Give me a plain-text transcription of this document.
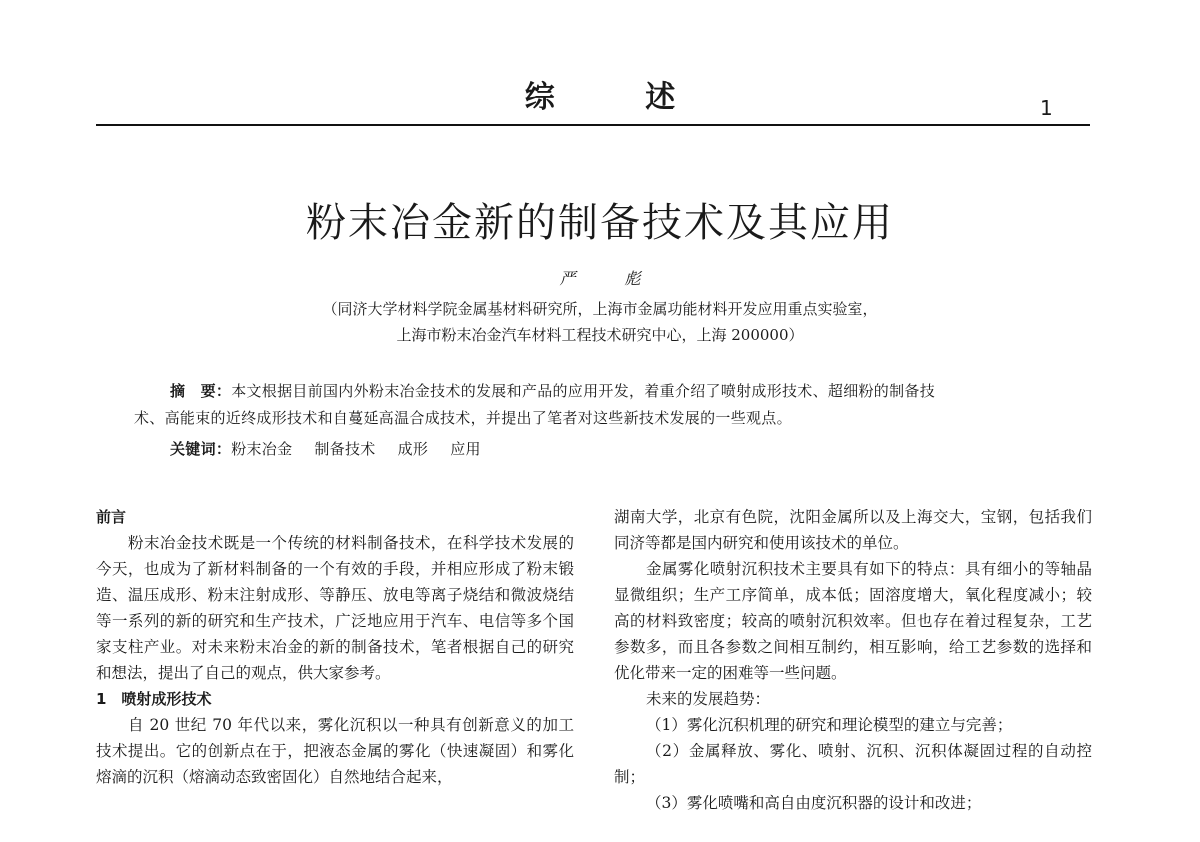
综 述	1
粉末冶金新的制备技术及其应用
严 彪
（同济大学材料学院金属基材料研究所，上海市金属功能材料开发应用重点实验室，
上海市粉末冶金汽车材料工程技术研究中心，上海 200000）
摘　要：本文根据目前国内外粉末冶金技术的发展和产品的应用开发，着重介绍了喷射成形技术、超细粉的制备技
术、高能束的近终成形技术和自蔓延高温合成技术，并提出了笔者对这些新技术发展的一些观点。
关键词：粉末冶金 制备技术 成形 应用

前言

粉末冶金技术既是一个传统的材料制备技术，在科学技术发展的今天，也成为了新材料制备的一个有效的手段，并相应形成了粉末锻造、温压成形、粉末注射成形、等静压、放电等离子烧结和微波烧结等一系列的新的研究和生产技术，广泛地应用于汽车、电信等多个国家支柱产业。对未来粉末冶金的新的制备技术，笔者根据自己的研究和想法，提出了自己的观点，供大家参考。

1　喷射成形技术

自 20 世纪 70 年代以来，雾化沉积以一种具有创新意义的加工技术提出。它的创新点在于，把液态金属的雾化（快速凝固）和雾化熔滴的沉积（熔滴动态致密固化）自然地结合起来，

湖南大学，北京有色院，沈阳金属所以及上海交大，宝钢，包括我们同济等都是国内研究和使用该技术的单位。

金属雾化喷射沉积技术主要具有如下的特点：具有细小的等轴晶显微组织；生产工序简单，成本低；固溶度增大，氧化程度减小；较高的材料致密度；较高的喷射沉积效率。但也存在着过程复杂，工艺参数多，而且各参数之间相互制约，相互影响，给工艺参数的选择和优化带来一定的困难等一些问题。

未来的发展趋势：

（1）雾化沉积机理的研究和理论模型的建立与完善；

（2）金属释放、雾化、喷射、沉积、沉积体凝固过程的自动控制；

（3）雾化喷嘴和高自由度沉积器的设计和改进；
